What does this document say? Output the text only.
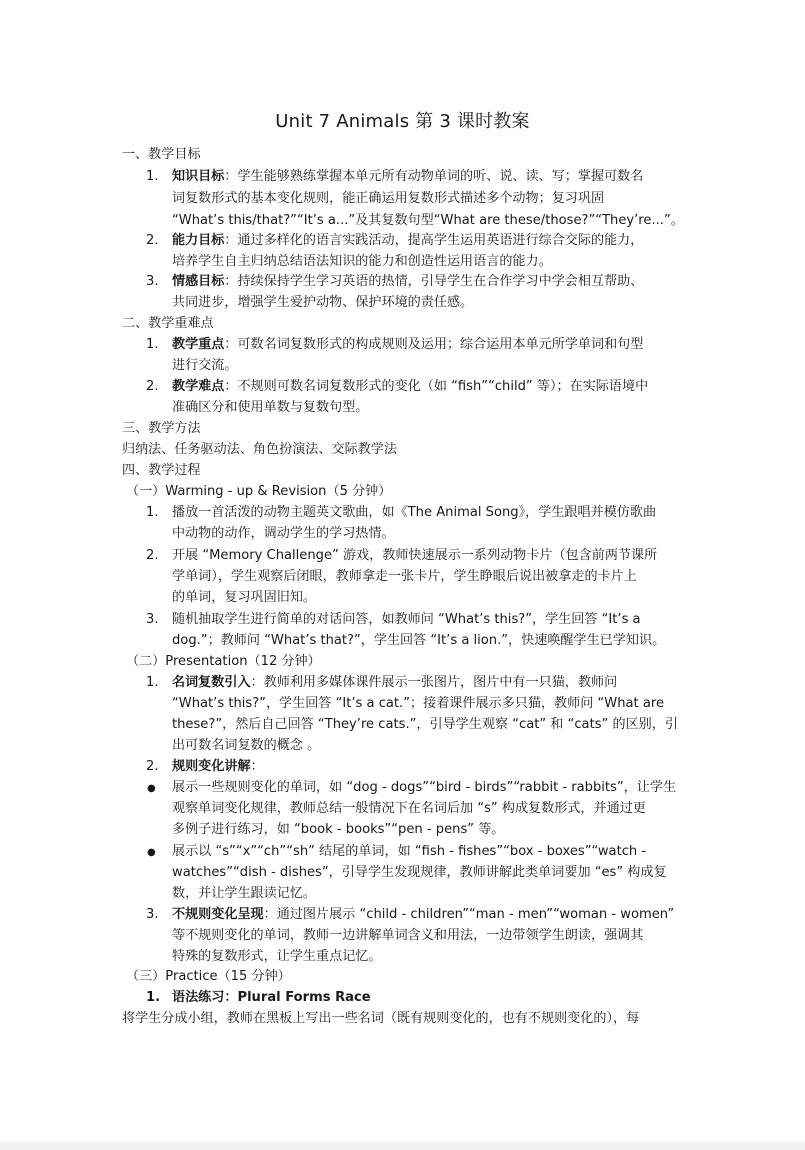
Unit 7 Animals 第 3 课时教案
一、教学目标
1. 知识目标：学生能够熟练掌握本单元所有动物单词的听、说、读、写；掌握可数名
词复数形式的基本变化规则，能正确运用复数形式描述多个动物；复习巩固
“What’s this/that?”“It’s a...”及其复数句型“What are these/those?”“They’re...”。
2. 能力目标：通过多样化的语言实践活动，提高学生运用英语进行综合交际的能力，
培养学生自主归纳总结语法知识的能力和创造性运用语言的能力。
3. 情感目标：持续保持学生学习英语的热情，引导学生在合作学习中学会相互帮助、
共同进步，增强学生爱护动物、保护环境的责任感。
二、教学重难点
1. 教学重点：可数名词复数形式的构成规则及运用；综合运用本单元所学单词和句型
进行交流。
2. 教学难点：不规则可数名词复数形式的变化（如 “fish”“child” 等）；在实际语境中
准确区分和使用单数与复数句型。
三、教学方法
归纳法、任务驱动法、角色扮演法、交际教学法
四、教学过程
（一）Warming - up & Revision（5 分钟）
1. 播放一首活泼的动物主题英文歌曲，如《The Animal Song》，学生跟唱并模仿歌曲
中动物的动作，调动学生的学习热情。
2. 开展 “Memory Challenge” 游戏，教师快速展示一系列动物卡片（包含前两节课所
学单词），学生观察后闭眼，教师拿走一张卡片，学生睁眼后说出被拿走的卡片上
的单词，复习巩固旧知。
3. 随机抽取学生进行简单的对话问答，如教师问 “What’s this?”，学生回答 “It’s a
dog.”；教师问 “What’s that?”，学生回答 “It’s a lion.”，快速唤醒学生已学知识。
（二）Presentation（12 分钟）
1. 名词复数引入：教师利用多媒体课件展示一张图片，图片中有一只猫，教师问
“What’s this?”，学生回答 “It’s a cat.”；接着课件展示多只猫，教师问 “What are
these?”，然后自己回答 “They’re cats.”，引导学生观察 “cat” 和 “cats” 的区别，引
出可数名词复数的概念 。
2. 规则变化讲解：
● 展示一些规则变化的单词，如 “dog - dogs”“bird - birds”“rabbit - rabbits”，让学生
观察单词变化规律，教师总结一般情况下在名词后加 “s” 构成复数形式，并通过更
多例子进行练习，如 “book - books”“pen - pens” 等。
● 展示以 “s”“x”“ch”“sh” 结尾的单词，如 “fish - fishes”“box - boxes”“watch -
watches”“dish - dishes”，引导学生发现规律，教师讲解此类单词要加 “es” 构成复
数，并让学生跟读记忆。
3. 不规则变化呈现：通过图片展示 “child - children”“man - men”“woman - women”
等不规则变化的单词，教师一边讲解单词含义和用法，一边带领学生朗读，强调其
特殊的复数形式，让学生重点记忆。
（三）Practice（15 分钟）
1. 语法练习：Plural Forms Race
将学生分成小组，教师在黑板上写出一些名词（既有规则变化的，也有不规则变化的），每
